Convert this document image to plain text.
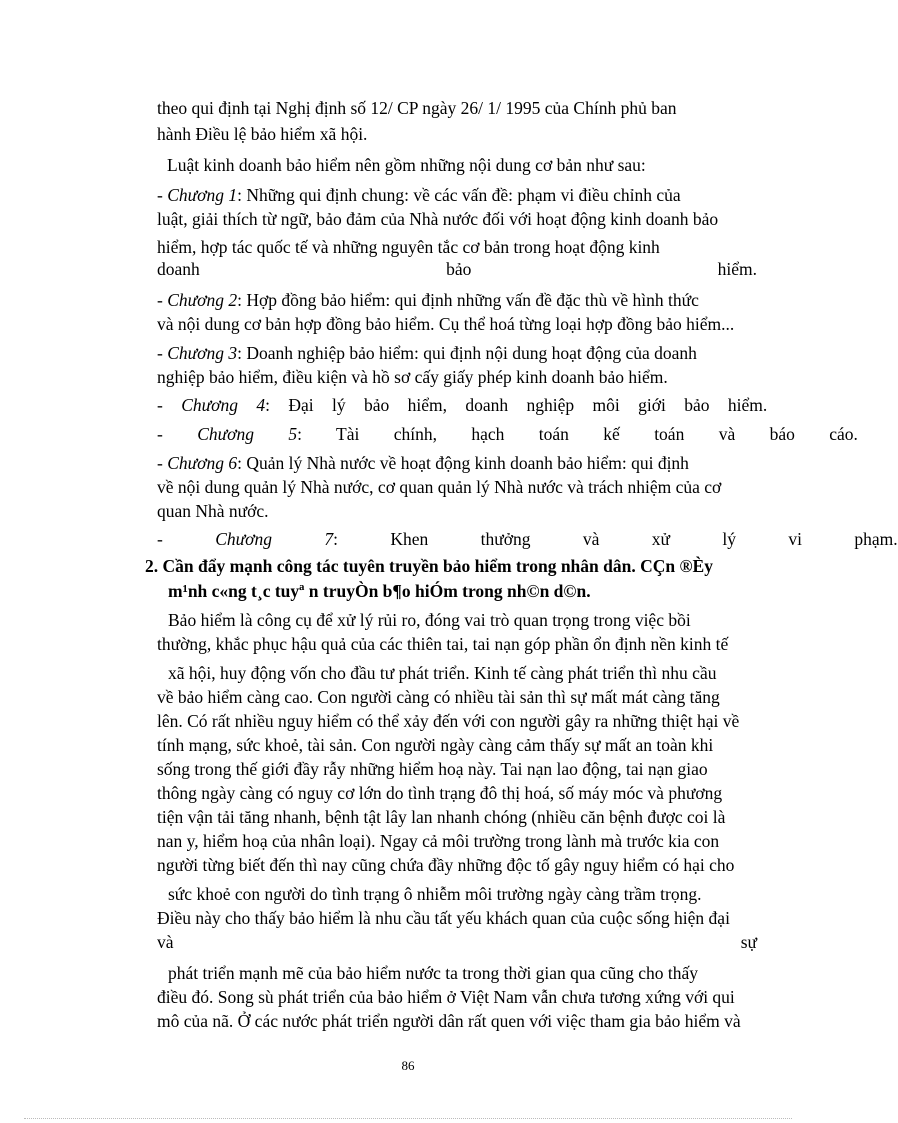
theo qui định tại Nghị định số 12/ CP ngày 26/ 1/ 1995 của Chính phủ ban
hành Điều lệ bảo hiểm xã hội.
Luật kinh doanh bảo hiểm nên gồm những nội dung cơ bản như sau:
- Chương 1: Những qui định chung: về các vấn đề: phạm vi điều chỉnh của
luật, giải thích từ ngữ, bảo đảm của Nhà nước đối với hoạt động kinh doanh bảo
hiểm, hợp tác quốc tế và những nguyên tắc cơ bản trong hoạt động kinh
doanh	bảo	hiểm.
- Chương 2: Hợp đồng bảo hiểm: qui định những vấn đề đặc thù về hình thức
và nội dung cơ bản hợp đồng bảo hiểm. Cụ thể hoá từng loại hợp đồng bảo hiểm...
- Chương 3: Doanh nghiệp bảo hiểm: qui định nội dung hoạt động của doanh
nghiệp bảo hiểm, điều kiện và hồ sơ cấy giấy phép kinh doanh bảo hiểm.
- Chương 4: Đại lý bảo hiểm, doanh nghiệp môi giới bảo hiểm.
- Chương 5: Tài chính, hạch toán kế toán và báo cáo.
- Chương 6: Quản lý Nhà nước về hoạt động kinh doanh bảo hiểm: qui định
về nội dung quản lý Nhà nước, cơ quan quản lý Nhà nước và trách nhiệm của cơ
quan Nhà nước.
- Chương 7: Khen thưởng và xử lý vi phạm.
2. Cần đẩy mạnh công tác tuyên truyền bảo hiểm trong nhân dân. CÇn ®Èy
m¹nh c«ng t¸c tuyª n truyÒn b¶o hiÓm trong nh©n d©n.
Bảo hiểm là công cụ để xử lý rủi ro, đóng vai trò quan trọng trong việc bồi
thường, khắc phục hậu quả của các thiên tai, tai nạn góp phần ổn định nền kinh tế
xã hội, huy động vốn cho đầu tư phát triển. Kinh tế càng phát triển thì nhu cầu
về bảo hiểm càng cao. Con người càng có nhiều tài sản thì sự mất mát càng tăng
lên. Có rất nhiều nguy hiểm có thể xảy đến với con người gây ra những thiệt hại về
tính mạng, sức khoẻ, tài sản. Con người ngày càng cảm thấy sự mất an toàn khi
sống trong thế giới đầy rẫy những hiểm hoạ này. Tai nạn lao động, tai nạn giao
thông ngày càng có nguy cơ lớn do tình trạng đô thị hoá, số máy móc và phương
tiện vận tải tăng nhanh, bệnh tật lây lan nhanh chóng (nhiều căn bệnh được coi là
nan y, hiểm hoạ của nhân loại). Ngay cả môi trường trong lành mà trước kia con
người từng biết đến thì nay cũng chứa đầy những độc tố gây nguy hiểm có hại cho
sức khoẻ con người do tình trạng ô nhiễm môi trường ngày càng trầm trọng.
Điều này cho thấy bảo hiểm là nhu cầu tất yếu khách quan của cuộc sống hiện đại
và	sự
phát triển mạnh mẽ của bảo hiểm nước ta trong thời gian qua cũng cho thấy
điều đó. Song sù phát triển của bảo hiểm ở Việt Nam vẫn chưa tương xứng với qui
mô của nã. Ở các nước phát triển người dân rất quen với việc tham gia bảo hiểm và
86
